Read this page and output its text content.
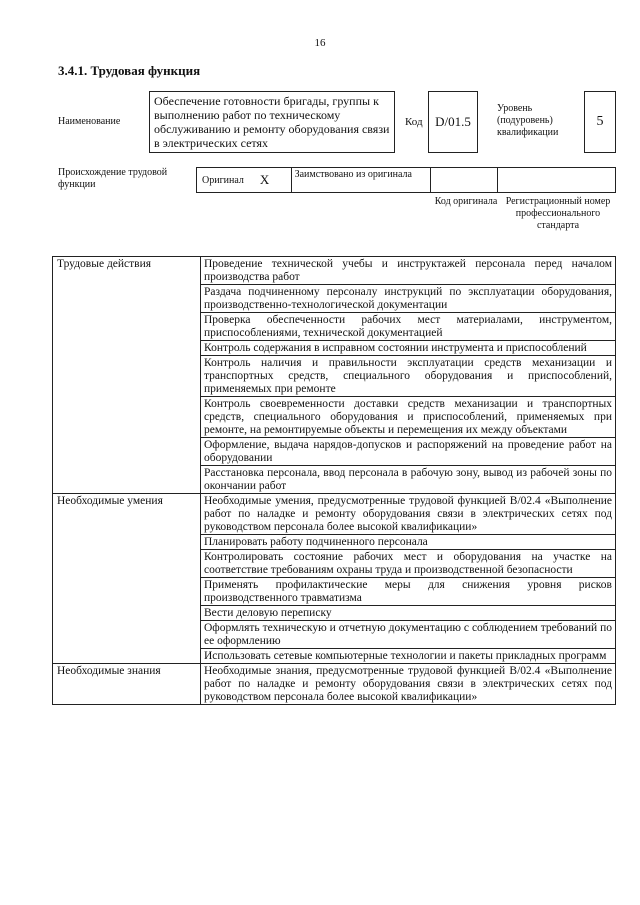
16
3.4.1. Трудовая функция
Наименование
Обеспечение готовности бригады, группы к выполнению работ по техническому обслуживанию и ремонту оборудования связи в электрических сетях
Код D/01.5
Уровень (подуровень) квалификации
5
Происхождение трудовой функции	Оригинал X	Заимствовано из оригинала
Код оригинала Регистрационный номер профессионального стандарта
Трудовые действия	Проведение технической учебы и инструктажей персонала перед началом производства работ
	Раздача подчиненному персоналу инструкций по эксплуатации оборудования, производственно-технологической документации
	Проверка обеспеченности рабочих мест материалами, инструментом, приспособлениями, технической документацией
	Контроль содержания в исправном состоянии инструмента и приспособлений
	Контроль наличия и правильности эксплуатации средств механизации и транспортных средств, специального оборудования и приспособлений, применяемых при ремонте
	Контроль своевременности доставки средств механизации и транспортных средств, специального оборудования и приспособлений, применяемых при ремонте, на ремонтируемые объекты и перемещения их между объектами
	Оформление, выдача нарядов-допусков и распоряжений на проведение работ на оборудовании
	Расстановка персонала, ввод персонала в рабочую зону, вывод из рабочей зоны по окончании работ
Необходимые умения	Необходимые умения, предусмотренные трудовой функцией В/02.4 «Выполнение работ по наладке и ремонту оборудования связи в электрических сетях под руководством персонала более высокой квалификации»
	Планировать работу подчиненного персонала
	Контролировать состояние рабочих мест и оборудования на участке на соответствие требованиям охраны труда и производственной безопасности
	Применять профилактические меры для снижения уровня рисков производственного травматизма
	Вести деловую переписку
	Оформлять техническую и отчетную документацию с соблюдением требований по ее оформлению
	Использовать сетевые компьютерные технологии и пакеты прикладных программ
Необходимые знания	Необходимые знания, предусмотренные трудовой функцией В/02.4 «Выполнение работ по наладке и ремонту оборудования связи в электрических сетях под руководством персонала более высокой квалификации»
